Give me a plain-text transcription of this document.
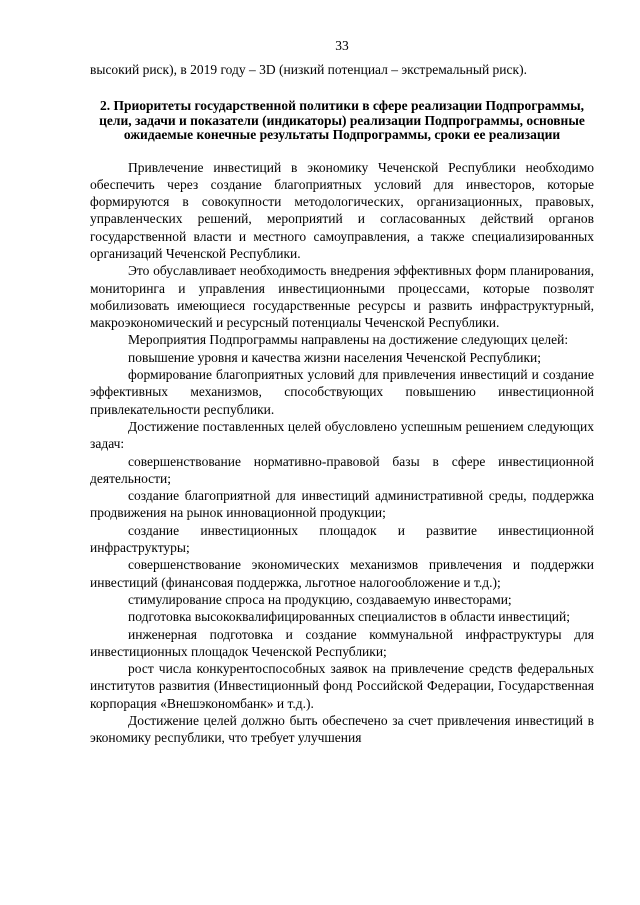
33

высокий риск), в 2019 году – 3D (низкий потенциал – экстремальный риск).

2. Приоритеты государственной политики в сфере реализации Подпрограммы, цели, задачи и показатели (индикаторы) реализации Подпрограммы, основные ожидаемые конечные результаты Подпрограммы, сроки ее реализации

Привлечение инвестиций в экономику Чеченской Республики необходимо обеспечить через создание благоприятных условий для инвесторов, которые формируются в совокупности методологических, организационных, правовых, управленческих решений, мероприятий и согласованных действий органов государственной власти и местного самоуправления, а также специализированных организаций Чеченской Республики.

Это обуславливает необходимость внедрения эффективных форм планирования, мониторинга и управления инвестиционными процессами, которые позволят мобилизовать имеющиеся государственные ресурсы и развить инфраструктурный, макроэкономический и ресурсный потенциалы Чеченской Республики.

Мероприятия Подпрограммы направлены на достижение следующих целей:

повышение уровня и качества жизни населения Чеченской Республики;

формирование благоприятных условий для привлечения инвестиций и создание эффективных механизмов, способствующих повышению инвестиционной привлекательности республики.

Достижение поставленных целей обусловлено успешным решением следующих задач:

совершенствование нормативно-правовой базы в сфере инвестиционной деятельности;

создание благоприятной для инвестиций административной среды, поддержка продвижения на рынок инновационной продукции;

создание инвестиционных площадок и развитие инвестиционной инфраструктуры;

совершенствование экономических механизмов привлечения и поддержки инвестиций (финансовая поддержка, льготное налогообложение и т.д.);

стимулирование спроса на продукцию, создаваемую инвесторами;

подготовка высококвалифицированных специалистов в области инвестиций;

инженерная подготовка и создание коммунальной инфраструктуры для инвестиционных площадок Чеченской Республики;

рост числа конкурентоспособных заявок на привлечение средств федеральных институтов развития (Инвестиционный фонд Российской Федерации, Государственная корпорация «Внешэкономбанк» и т.д.).

Достижение целей должно быть обеспечено за счет привлечения инвестиций в экономику республики, что требует улучшения
